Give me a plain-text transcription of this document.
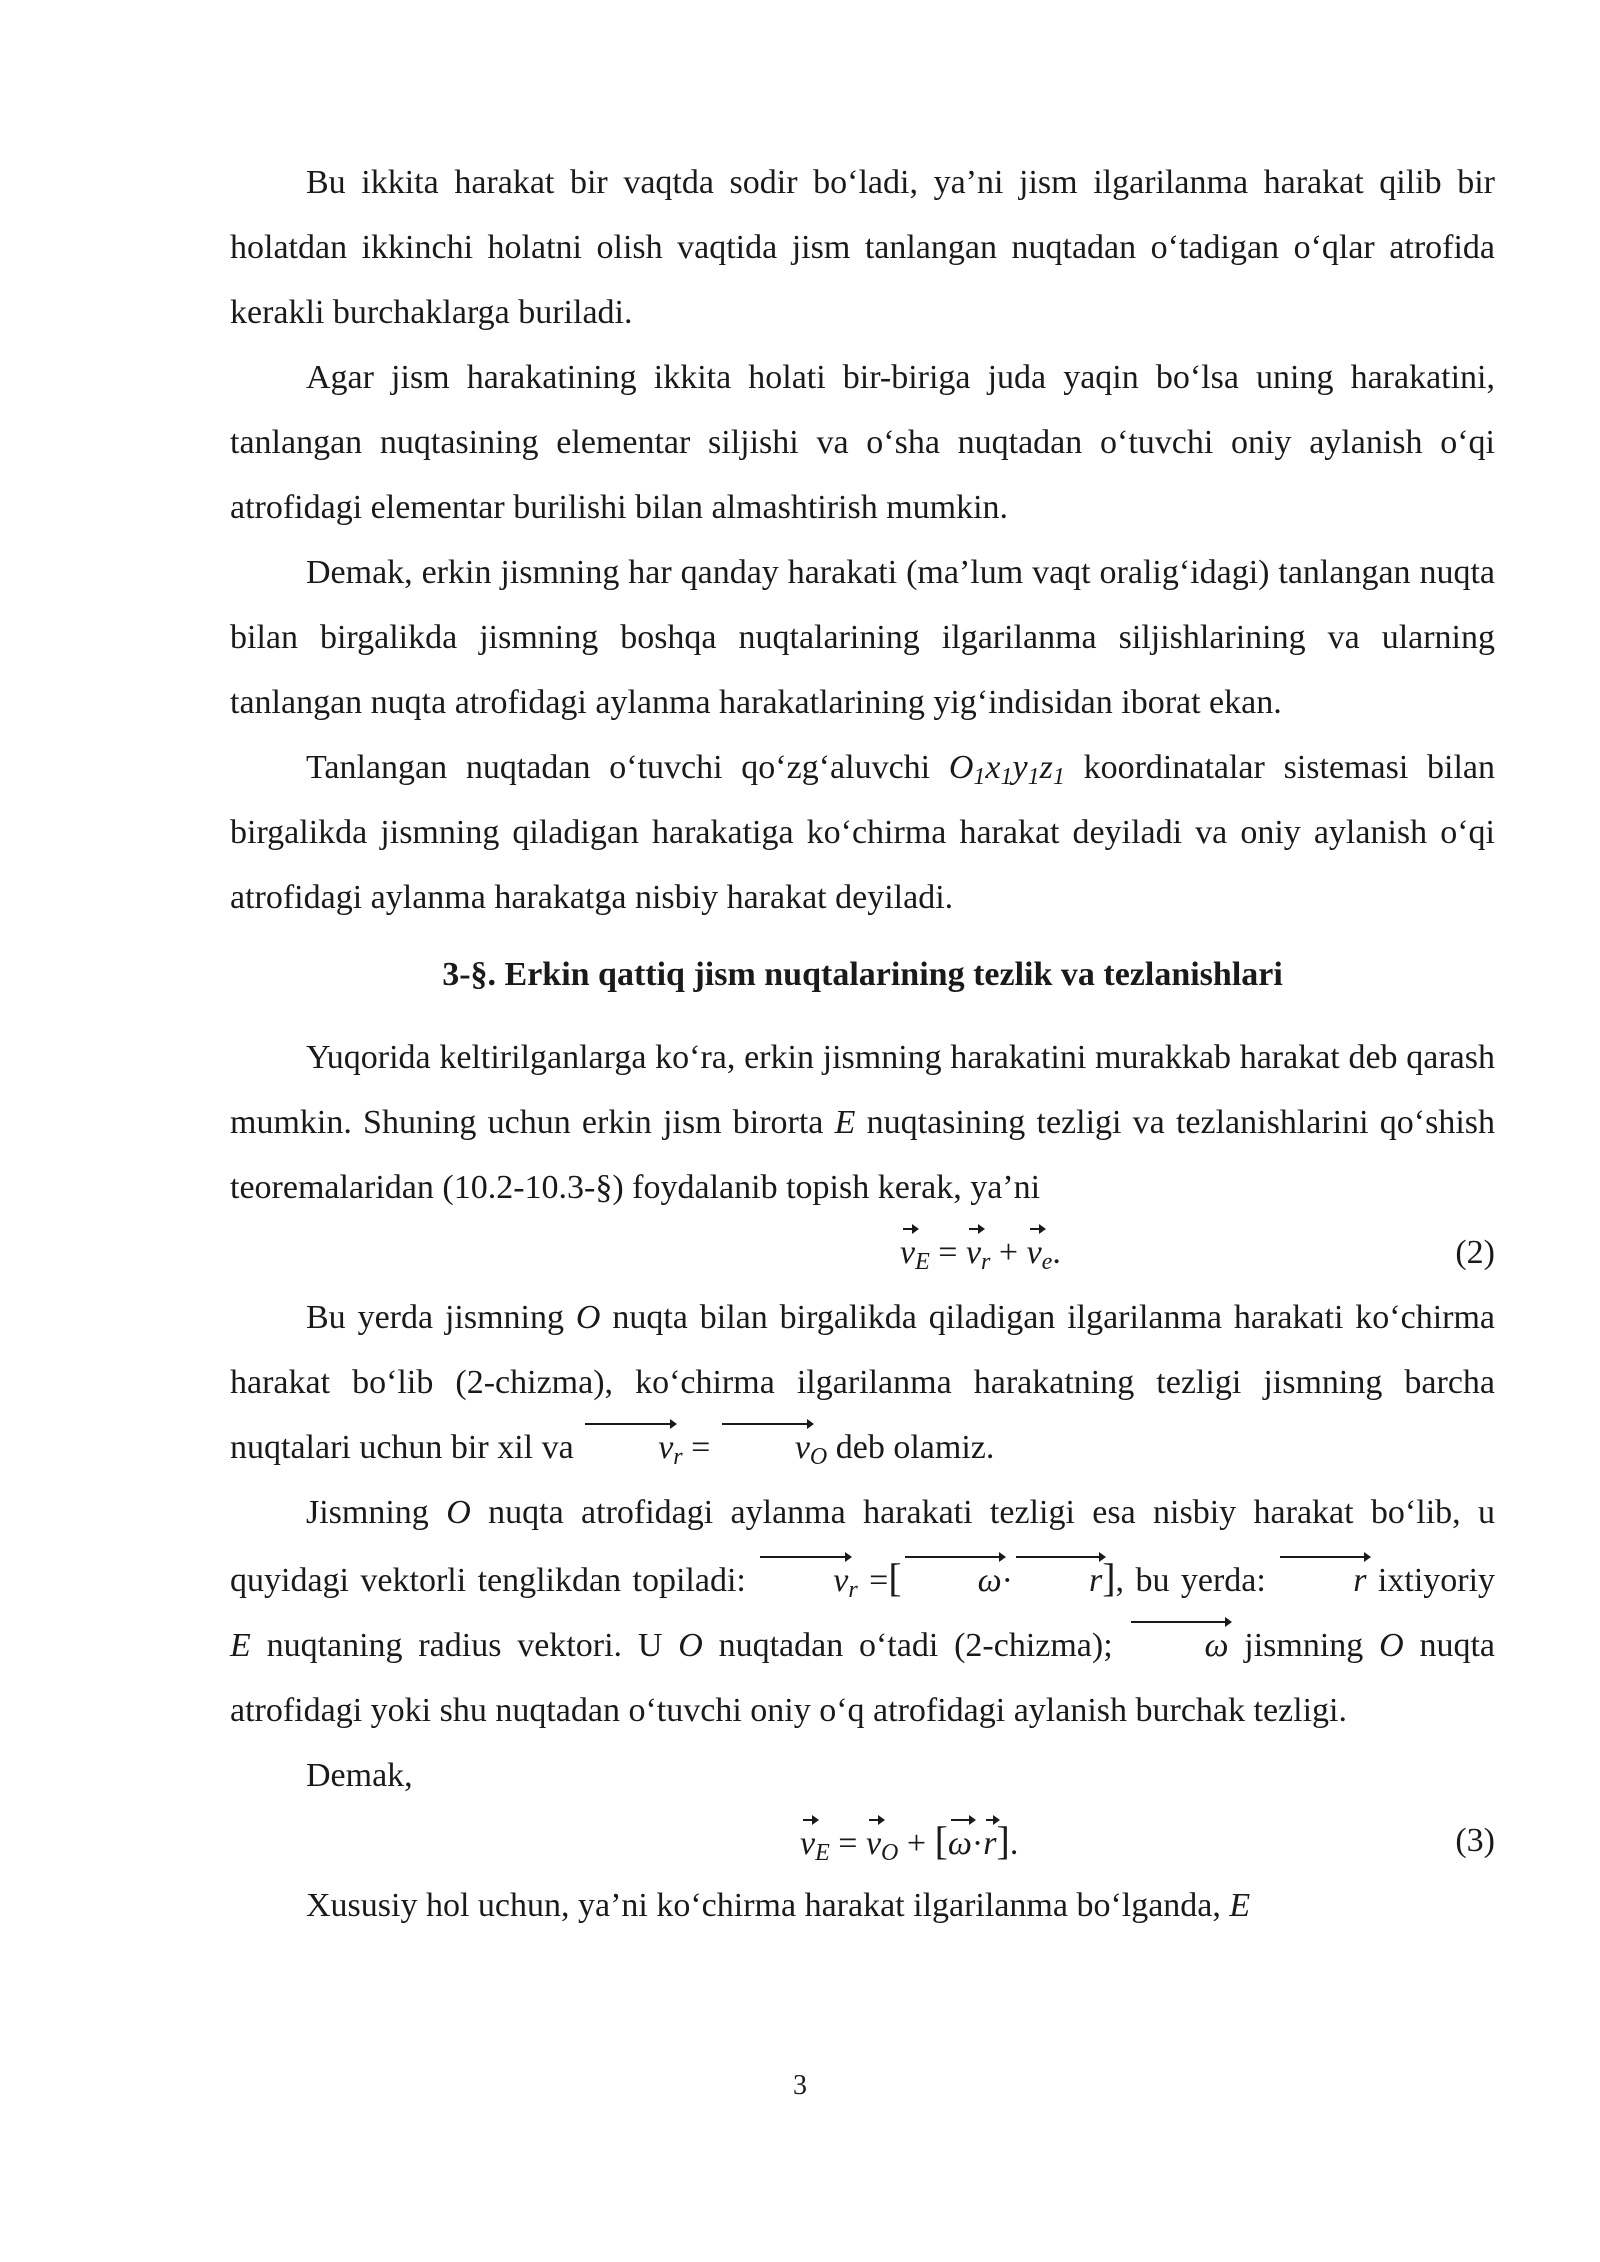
Bu ikkita harakat bir vaqtda sodir bo‘ladi, ya’ni jism ilgarilanma harakat qilib bir holatdan ikkinchi holatni olish vaqtida jism tanlangan nuqtadan o‘tadigan o‘qlar atrofida kerakli burchaklarga buriladi.

Agar jism harakatining ikkita holati bir-biriga juda yaqin bo‘lsa uning harakatini, tanlangan nuqtasining elementar siljishi va o‘sha nuqtadan o‘tuvchi oniy aylanish o‘qi atrofidagi elementar burilishi bilan almashtirish mumkin.

Demak, erkin jismning har qanday harakati (ma’lum vaqt oralig‘idagi) tanlangan nuqta bilan birgalikda jismning boshqa nuqtalarining ilgarilanma siljishlarining va ularning tanlangan nuqta atrofidagi aylanma harakatlarining yig‘indisidan iborat ekan.

Tanlangan nuqtadan o‘tuvchi qo‘zg‘aluvchi $O_1x_1y_1z_1$ koordinatalar sistemasi bilan birgalikda jismning qiladigan harakatiga ko‘chirma harakat deyiladi va oniy aylanish o‘qi atrofidagi aylanma harakatga nisbiy harakat deyiladi.

3-§. Erkin qattiq jism nuqtalarining tezlik va tezlanishlari

Yuqorida keltirilganlarga ko‘ra, erkin jismning harakatini murakkab harakat deb qarash mumkin. Shuning uchun erkin jism birorta E nuqtasining tezligi va tezlanishlarini qo‘shish teoremalaridan (10.2-10.3-§) foydalanib topish kerak, ya’ni

$v_E = v_r + v_e$.	(2)

Bu yerda jismning O nuqta bilan birgalikda qiladigan ilgarilanma harakati ko‘chirma harakat bo‘lib (2-chizma), ko‘chirma ilgarilanma harakatning tezligi jismning barcha nuqtalari uchun bir xil va $v_r = v_O$ deb olamiz.

Jismning O nuqta atrofidagi aylanma harakati tezligi esa nisbiy harakat bo‘lib, u quyidagi vektorli tenglikdan topiladi:	$v_r$ =[ ω· r], bu yerda:	r ixtiyoriy E nuqtaning radius vektori. U O nuqtadan o‘tadi (2-chizma);	ω jismning O nuqta atrofidagi yoki shu nuqtadan o‘tuvchi oniy o‘q atrofidagi aylanish burchak tezligi.

Demak,

$v_E = v_O + [\omega\cdot r]$.	(3)

Xususiy hol uchun, ya’ni ko‘chirma harakat ilgarilanma bo‘lganda, E

3
